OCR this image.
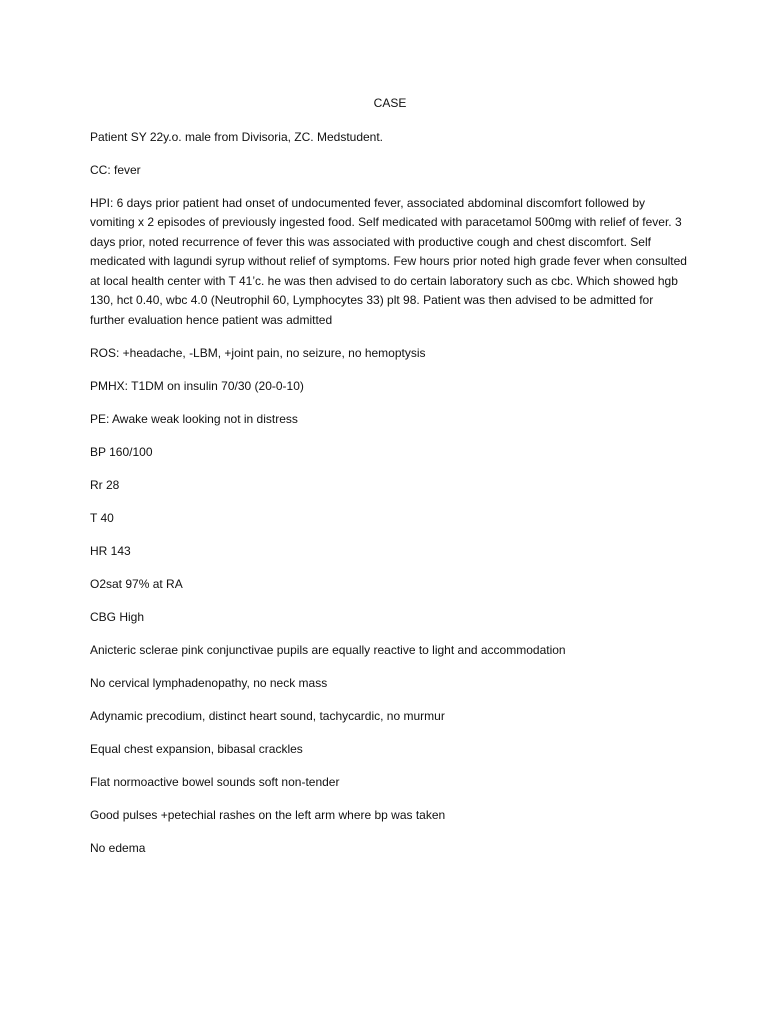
CASE
Patient SY 22y.o. male from Divisoria, ZC. Medstudent.
CC: fever
HPI: 6 days prior patient had onset of undocumented fever, associated abdominal discomfort followed by vomiting x 2 episodes of previously ingested food. Self medicated with paracetamol 500mg with relief of fever. 3 days prior, noted recurrence of fever this was associated with productive cough and chest discomfort. Self medicated with lagundi syrup without relief of symptoms. Few hours prior noted high grade fever when consulted at local health center with T 41’c. he was then advised to do certain laboratory such as cbc. Which showed hgb 130, hct 0.40, wbc 4.0 (Neutrophil 60, Lymphocytes 33) plt 98. Patient was then advised to be admitted for further evaluation hence patient was admitted
ROS: +headache, -LBM, +joint pain, no seizure, no hemoptysis
PMHX: T1DM on insulin 70/30 (20-0-10)
PE: Awake weak looking not in distress
BP 160/100
Rr 28
T 40
HR 143
O2sat 97% at RA
CBG High
Anicteric sclerae pink conjunctivae pupils are equally reactive to light and accommodation
No cervical lymphadenopathy, no neck mass
Adynamic precodium, distinct heart sound, tachycardic, no murmur
Equal chest expansion, bibasal crackles
Flat normoactive bowel sounds soft non-tender
Good pulses +petechial rashes on the left arm where bp was taken
No edema
